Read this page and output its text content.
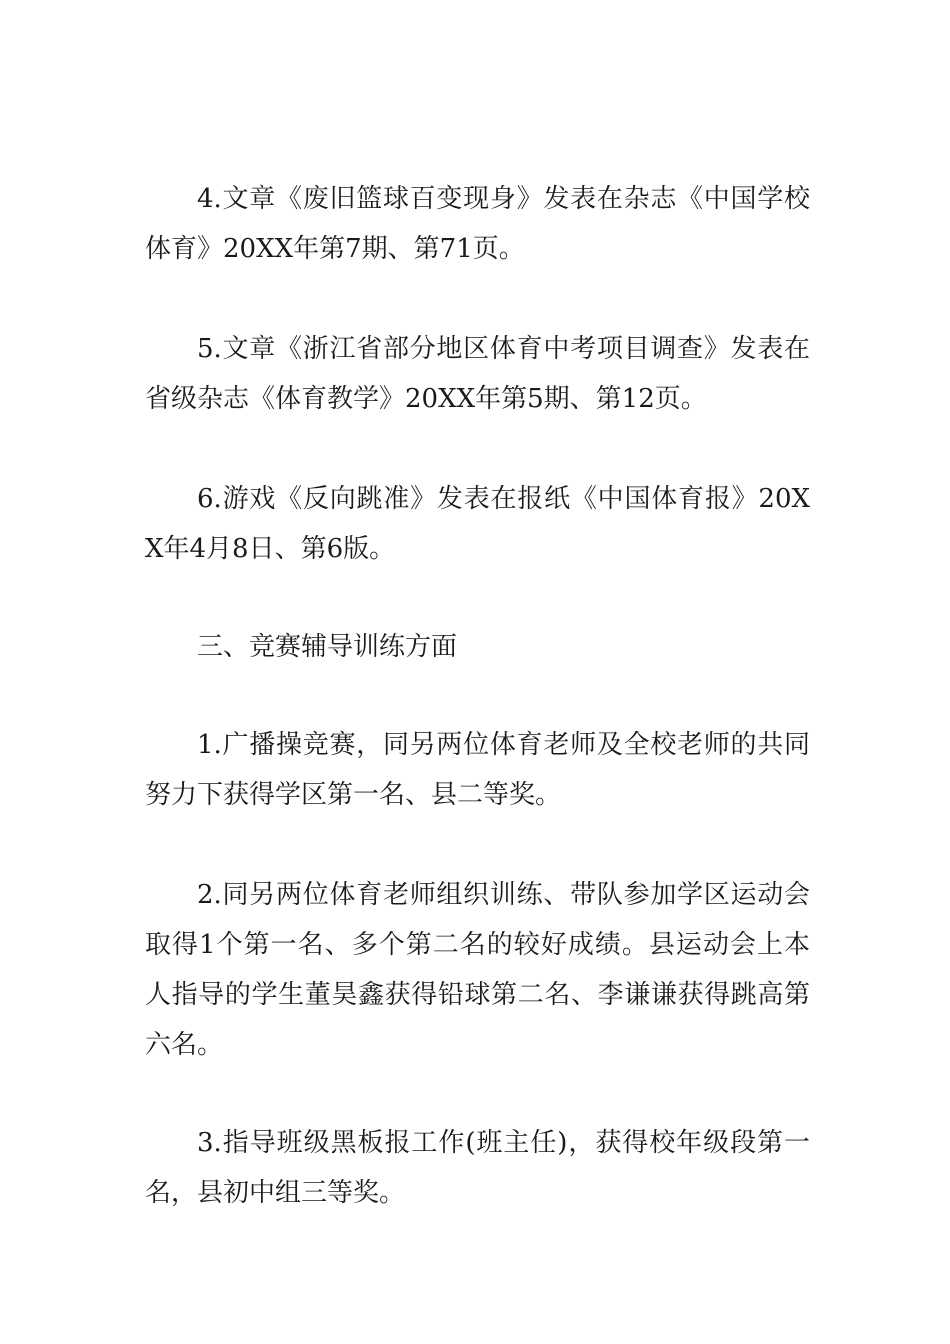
4.文章《废旧篮球百变现身》发表在杂志《中国学校体育》20XX年第7期、第71页。

5.文章《浙江省部分地区体育中考项目调查》发表在省级杂志《体育教学》20XX年第5期、第12页。

6.游戏《反向跳准》发表在报纸《中国体育报》20XX年4月8日、第6版。

三、竞赛辅导训练方面

1.广播操竞赛，同另两位体育老师及全校老师的共同努力下获得学区第一名、县二等奖。

2.同另两位体育老师组织训练、带队参加学区运动会取得1个第一名、多个第二名的较好成绩。县运动会上本人指导的学生董昊鑫获得铅球第二名、李谦谦获得跳高第六名。

3.指导班级黑板报工作(班主任)，获得校年级段第一名，县初中组三等奖。
